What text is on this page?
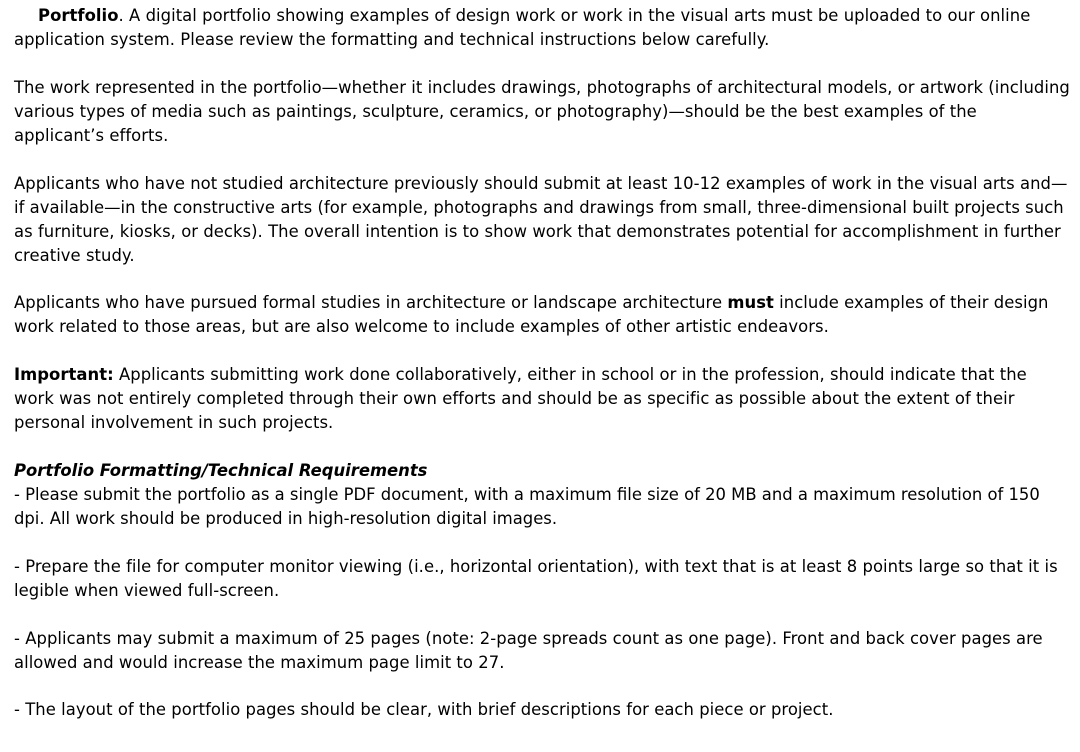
Portfolio. A digital portfolio showing examples of design work or work in the visual arts must be uploaded to our online application system. Please review the formatting and technical instructions below carefully.

The work represented in the portfolio—whether it includes drawings, photographs of architectural models, or artwork (including various types of media such as paintings, sculpture, ceramics, or photography)—should be the best examples of the applicant’s efforts.

Applicants who have not studied architecture previously should submit at least 10-12 examples of work in the visual arts and—if available—in the constructive arts (for example, photographs and drawings from small, three-dimensional built projects such as furniture, kiosks, or decks). The overall intention is to show work that demonstrates potential for accomplishment in further creative study.

Applicants who have pursued formal studies in architecture or landscape architecture must include examples of their design work related to those areas, but are also welcome to include examples of other artistic endeavors.

Important: Applicants submitting work done collaboratively, either in school or in the profession, should indicate that the work was not entirely completed through their own efforts and should be as specific as possible about the extent of their personal involvement in such projects.

Portfolio Formatting/Technical Requirements
- Please submit the portfolio as a single PDF document, with a maximum file size of 20 MB and a maximum resolution of 150 dpi. All work should be produced in high-resolution digital images.

- Prepare the file for computer monitor viewing (i.e., horizontal orientation), with text that is at least 8 points large so that it is legible when viewed full-screen.

- Applicants may submit a maximum of 25 pages (note: 2-page spreads count as one page). Front and back cover pages are allowed and would increase the maximum page limit to 27.

- The layout of the portfolio pages should be clear, with brief descriptions for each piece or project.
